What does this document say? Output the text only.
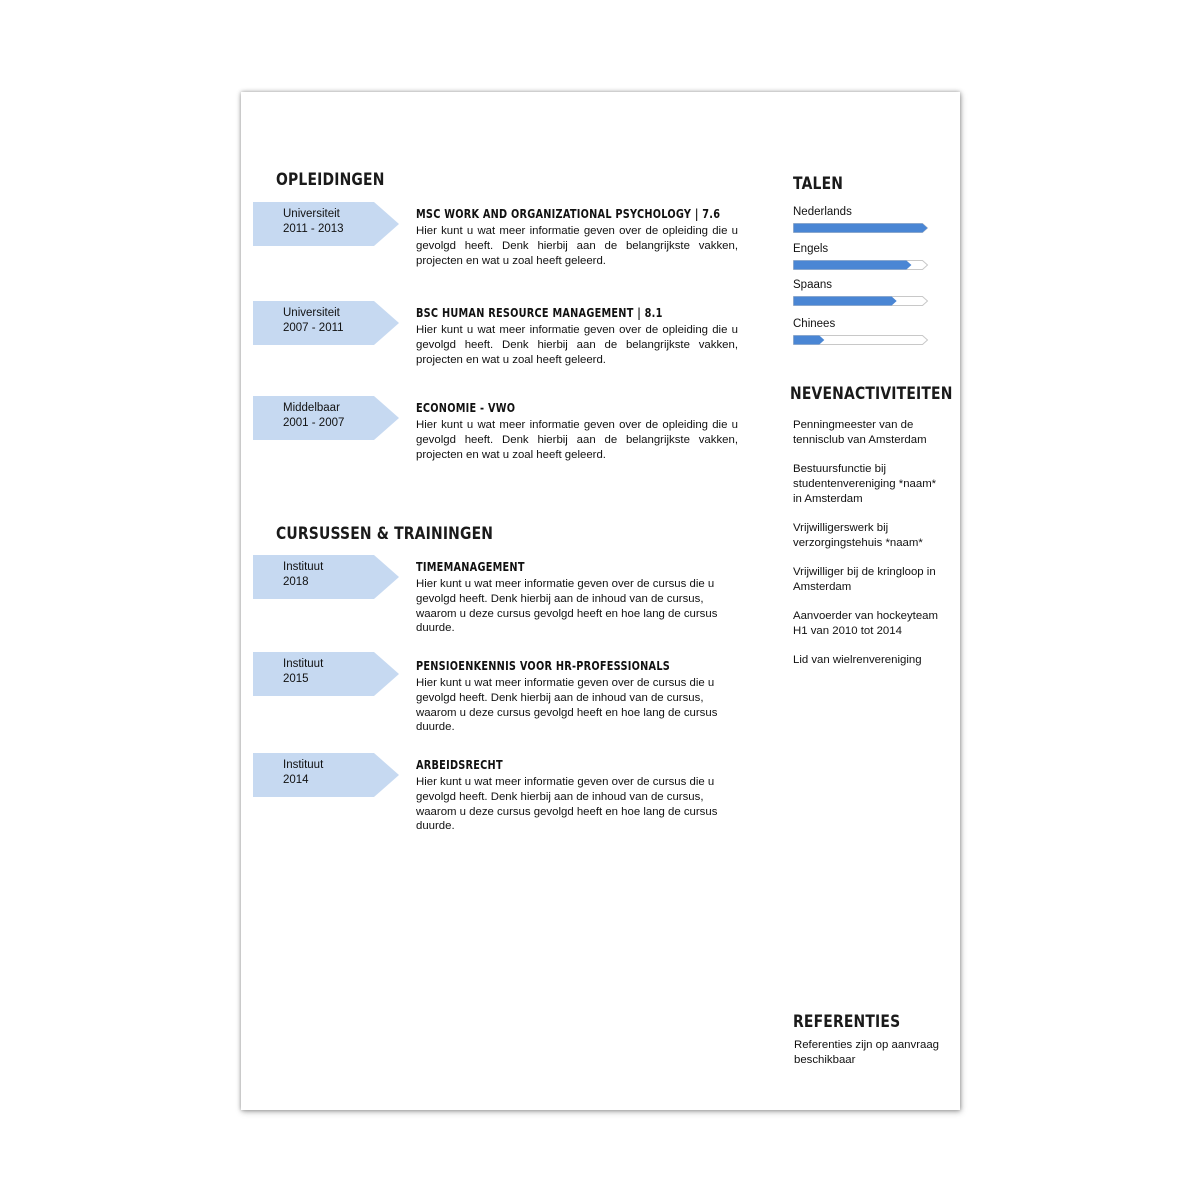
OPLEIDINGEN
Universiteit
2011 - 2013
MSC WORK AND ORGANIZATIONAL PSYCHOLOGY | 7.6
Hier kunt u wat meer informatie geven over de opleiding die u gevolgd heeft. Denk hierbij aan de belangrijkste vakken, projecten en wat u zoal heeft geleerd.
Universiteit
2007 - 2011
BSC HUMAN RESOURCE MANAGEMENT | 8.1
Hier kunt u wat meer informatie geven over de opleiding die u gevolgd heeft. Denk hierbij aan de belangrijkste vakken, projecten en wat u zoal heeft geleerd.
Middelbaar
2001 - 2007
ECONOMIE - VWO
Hier kunt u wat meer informatie geven over de opleiding die u gevolgd heeft. Denk hierbij aan de belangrijkste vakken, projecten en wat u zoal heeft geleerd.
CURSUSSEN & TRAININGEN
Instituut
2018
TIMEMANAGEMENT
Hier kunt u wat meer informatie geven over de cursus die u gevolgd heeft. Denk hierbij aan de inhoud van de cursus, waarom u deze cursus gevolgd heeft en hoe lang de cursus duurde.
Instituut
2015
PENSIOENKENNIS VOOR HR-PROFESSIONALS
Hier kunt u wat meer informatie geven over de cursus die u gevolgd heeft. Denk hierbij aan de inhoud van de cursus, waarom u deze cursus gevolgd heeft en hoe lang de cursus duurde.
Instituut
2014
ARBEIDSRECHT
Hier kunt u wat meer informatie geven over de cursus die u gevolgd heeft. Denk hierbij aan de inhoud van de cursus, waarom u deze cursus gevolgd heeft en hoe lang de cursus duurde.
TALEN
Nederlands
Engels
Spaans
Chinees
NEVENACTIVITEITEN
Penningmeester van de tennisclub van Amsterdam
Bestuursfunctie bij studentenvereniging *naam* in Amsterdam
Vrijwilligerswerk bij verzorgingstehuis *naam*
Vrijwilliger bij de kringloop in Amsterdam
Aanvoerder van hockeyteam H1 van 2010 tot 2014
Lid van wielrenvereniging
REFERENTIES
Referenties zijn op aanvraag beschikbaar
